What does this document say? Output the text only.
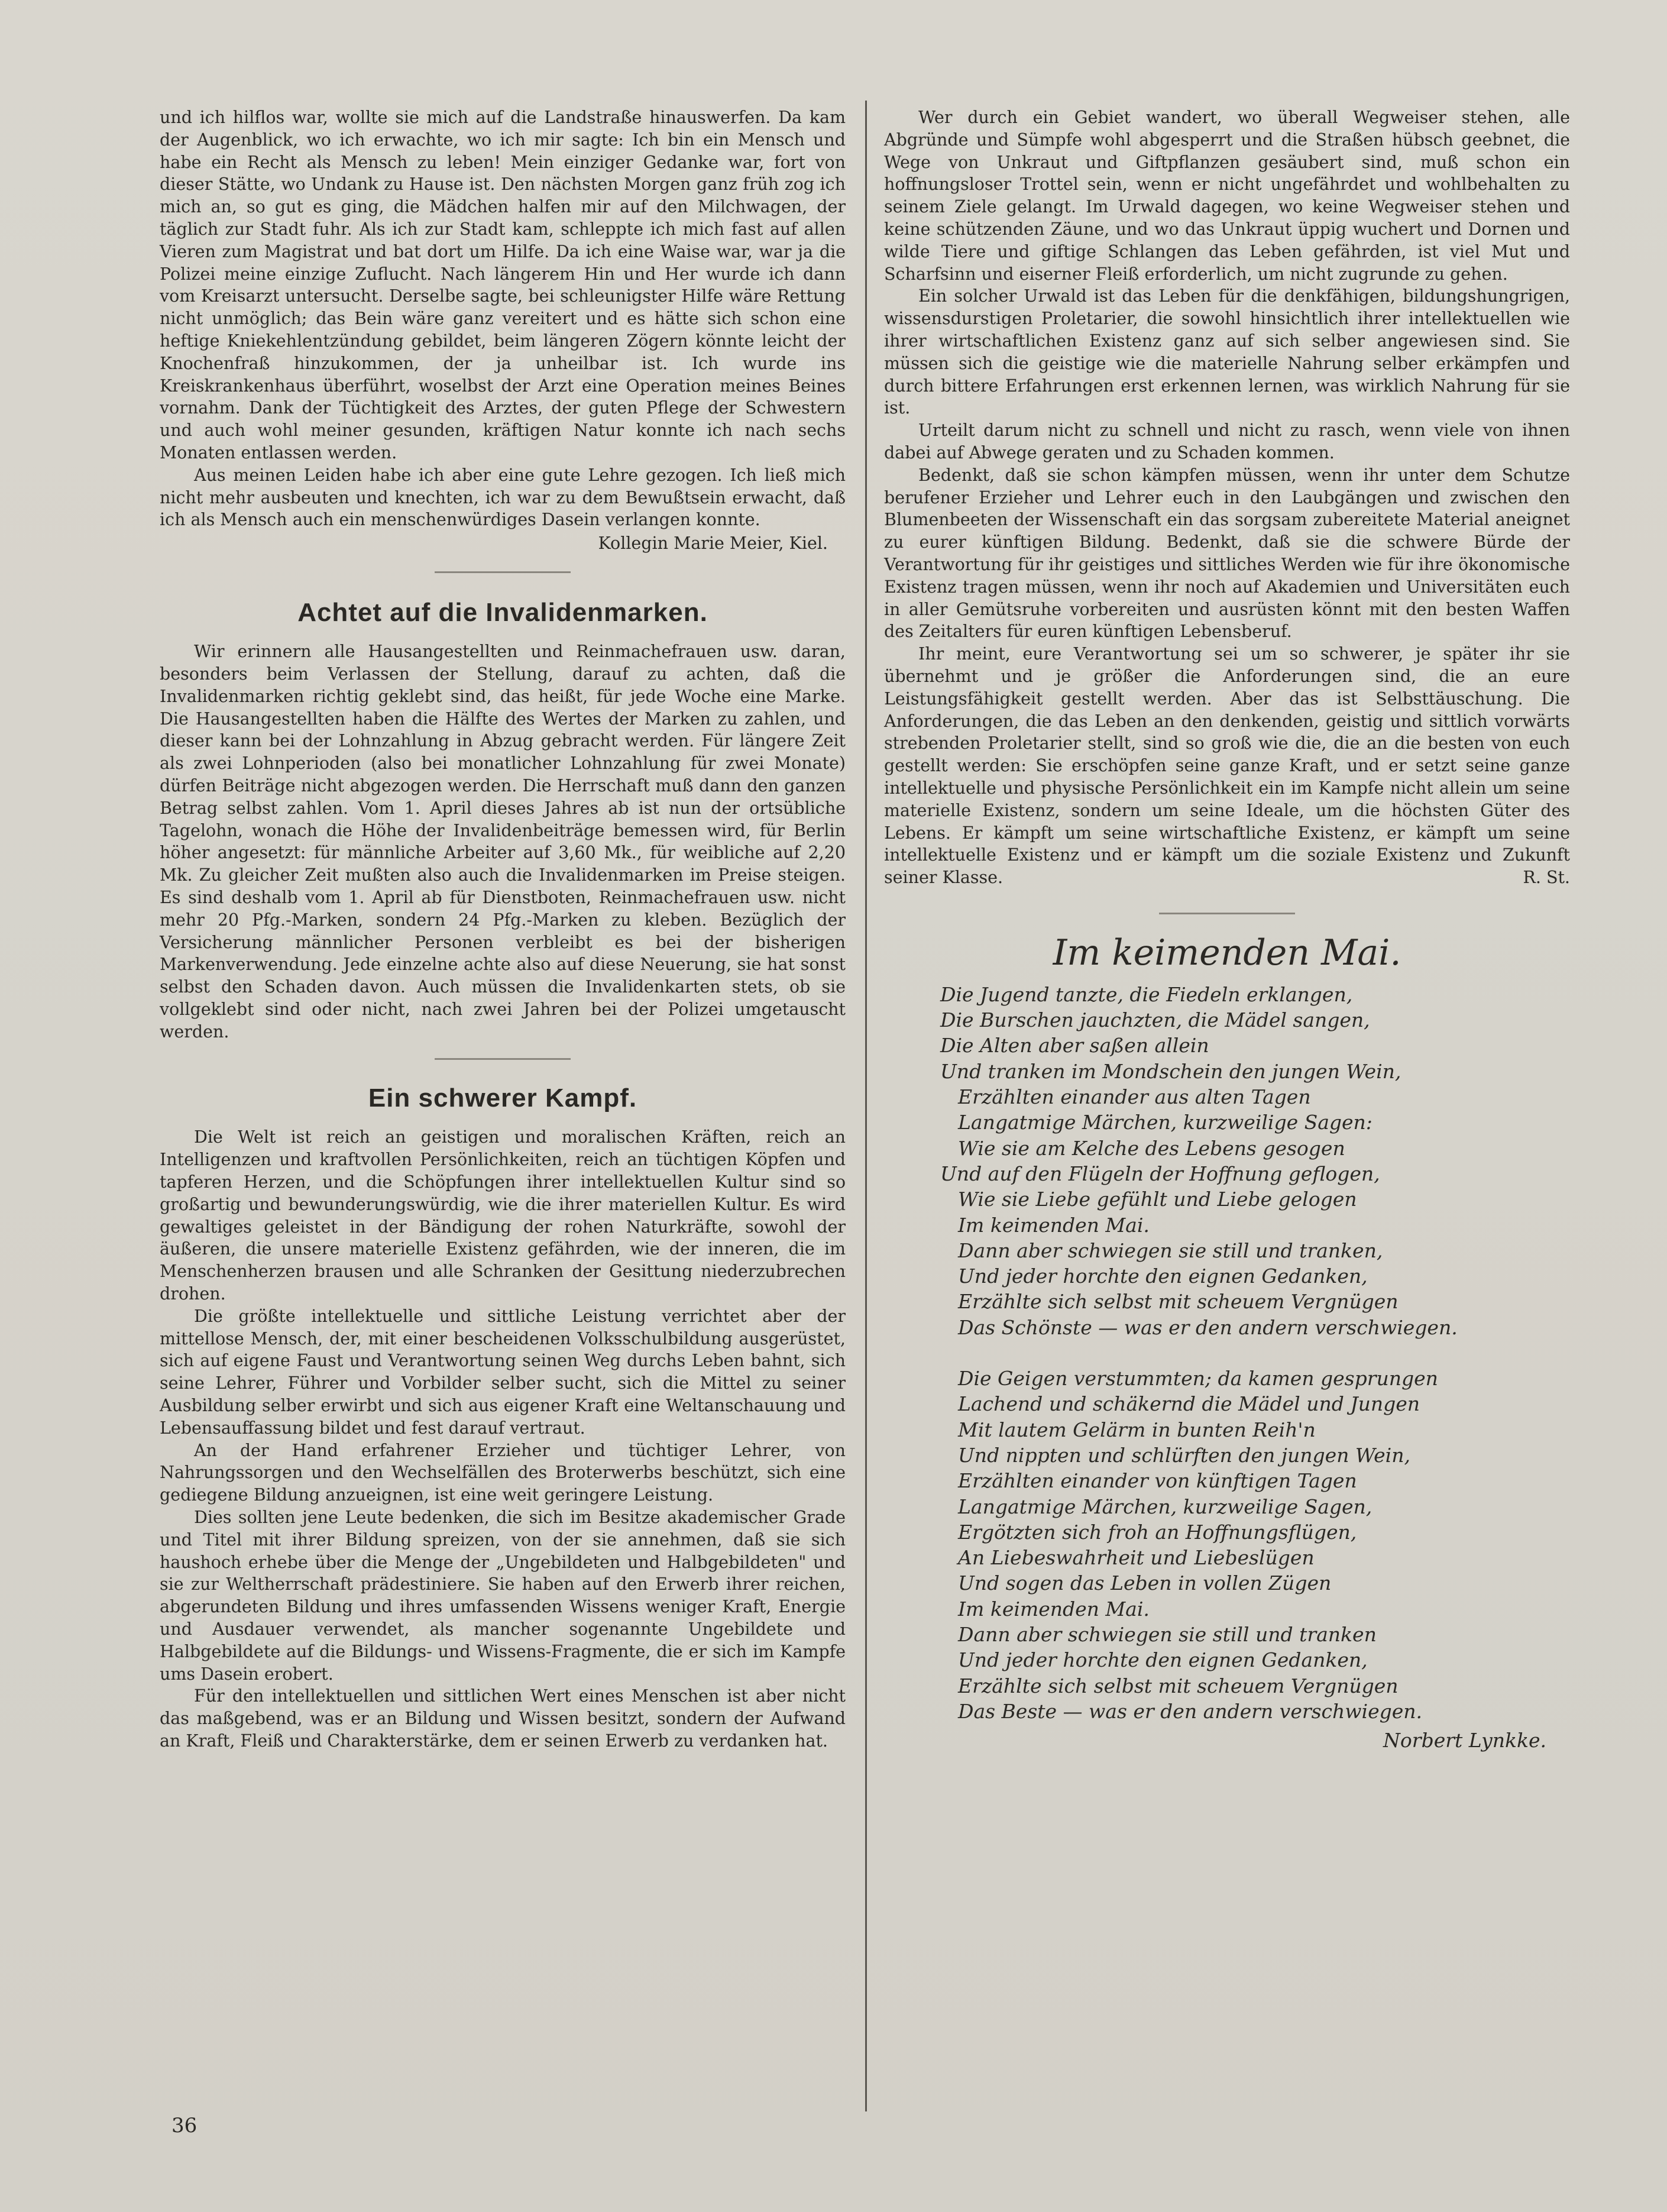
und ich hilflos war, wollte sie mich auf die Landstraße hinauswerfen. Da kam der Augenblick, wo ich erwachte, wo ich mir sagte: Ich bin ein Mensch und habe ein Recht als Mensch zu leben! Mein einziger Gedanke war, fort von dieser Stätte, wo Undank zu Hause ist. Den nächsten Morgen ganz früh zog ich mich an, so gut es ging, die Mädchen halfen mir auf den Milchwagen, der täglich zur Stadt fuhr. Als ich zur Stadt kam, schleppte ich mich fast auf allen Vieren zum Magistrat und bat dort um Hilfe. Da ich eine Waise war, war ja die Polizei meine einzige Zuflucht. Nach längerem Hin und Her wurde ich dann vom Kreisarzt untersucht. Derselbe sagte, bei schleunigster Hilfe wäre Rettung nicht unmöglich; das Bein wäre ganz vereitert und es hätte sich schon eine heftige Kniekehlentzündung gebildet, beim längeren Zögern könnte leicht der Knochenfraß hinzukommen, der ja unheilbar ist. Ich wurde ins Kreiskrankenhaus überführt, woselbst der Arzt eine Operation meines Beines vornahm. Dank der Tüchtigkeit des Arztes, der guten Pflege der Schwestern und auch wohl meiner gesunden, kräftigen Natur konnte ich nach sechs Monaten entlassen werden.

Aus meinen Leiden habe ich aber eine gute Lehre gezogen. Ich ließ mich nicht mehr ausbeuten und knechten, ich war zu dem Bewußtsein erwacht, daß ich als Mensch auch ein menschenwürdiges Dasein verlangen konnte.

Kollegin Marie Meier, Kiel.
Achtet auf die Invalidenmarken.

Wir erinnern alle Hausangestellten und Reinmachefrauen usw. daran, besonders beim Verlassen der Stellung, darauf zu achten, daß die Invalidenmarken richtig geklebt sind, das heißt, für jede Woche eine Marke. Die Hausangestellten haben die Hälfte des Wertes der Marken zu zahlen, und dieser kann bei der Lohnzahlung in Abzug gebracht werden. Für längere Zeit als zwei Lohnperioden (also bei monatlicher Lohnzahlung für zwei Monate) dürfen Beiträge nicht abgezogen werden. Die Herrschaft muß dann den ganzen Betrag selbst zahlen. Vom 1. April dieses Jahres ab ist nun der ortsübliche Tagelohn, wonach die Höhe der Invalidenbeiträge bemessen wird, für Berlin höher angesetzt: für männliche Arbeiter auf 3,60 Mk., für weibliche auf 2,20 Mk. Zu gleicher Zeit mußten also auch die Invalidenmarken im Preise steigen. Es sind deshalb vom 1. April ab für Dienstboten, Reinmachefrauen usw. nicht mehr 20 Pfg.-Marken, sondern 24 Pfg.-Marken zu kleben. Bezüglich der Versicherung männlicher Personen verbleibt es bei der bisherigen Markenverwendung. Jede einzelne achte also auf diese Neuerung, sie hat sonst selbst den Schaden davon. Auch müssen die Invalidenkarten stets, ob sie vollgeklebt sind oder nicht, nach zwei Jahren bei der Polizei umgetauscht werden.

Ein schwerer Kampf.

Die Welt ist reich an geistigen und moralischen Kräften, reich an Intelligenzen und kraftvollen Persönlichkeiten, reich an tüchtigen Köpfen und tapferen Herzen, und die Schöpfungen ihrer intellektuellen Kultur sind so großartig und bewunderungswürdig, wie die ihrer materiellen Kultur. Es wird gewaltiges geleistet in der Bändigung der rohen Naturkräfte, sowohl der äußeren, die unsere materielle Existenz gefährden, wie der inneren, die im Menschenherzen brausen und alle Schranken der Gesittung niederzubrechen drohen.

Die größte intellektuelle und sittliche Leistung verrichtet aber der mittellose Mensch, der, mit einer bescheidenen Volksschulbildung ausgerüstet, sich auf eigene Faust und Verantwortung seinen Weg durchs Leben bahnt, sich seine Lehrer, Führer und Vorbilder selber sucht, sich die Mittel zu seiner Ausbildung selber erwirbt und sich aus eigener Kraft eine Weltanschauung und Lebensauffassung bildet und fest darauf vertraut.

An der Hand erfahrener Erzieher und tüchtiger Lehrer, von Nahrungssorgen und den Wechselfällen des Broterwerbs beschützt, sich eine gediegene Bildung anzueignen, ist eine weit geringere Leistung.

Dies sollten jene Leute bedenken, die sich im Besitze akademischer Grade und Titel mit ihrer Bildung spreizen, von der sie annehmen, daß sie sich haushoch erhebe über die Menge der „Ungebildeten und Halbgebildeten" und sie zur Weltherrschaft prädestiniere. Sie haben auf den Erwerb ihrer reichen, abgerundeten Bildung und ihres umfassenden Wissens weniger Kraft, Energie und Ausdauer verwendet, als mancher sogenannte Ungebildete und Halbgebildete auf die Bildungs- und Wissens-Fragmente, die er sich im Kampfe ums Dasein erobert.

Für den intellektuellen und sittlichen Wert eines Menschen ist aber nicht das maßgebend, was er an Bildung und Wissen besitzt, sondern der Aufwand an Kraft, Fleiß und Charakterstärke, dem er seinen Erwerb zu verdanken hat.

Wer durch ein Gebiet wandert, wo überall Wegweiser stehen, alle Abgründe und Sümpfe wohl abgesperrt und die Straßen hübsch geebnet, die Wege von Unkraut und Giftpflanzen gesäubert sind, muß schon ein hoffnungsloser Trottel sein, wenn er nicht ungefährdet und wohlbehalten zu seinem Ziele gelangt. Im Urwald dagegen, wo keine Wegweiser stehen und keine schützenden Zäune, und wo das Unkraut üppig wuchert und Dornen und wilde Tiere und giftige Schlangen das Leben gefährden, ist viel Mut und Scharfsinn und eiserner Fleiß erforderlich, um nicht zugrunde zu gehen.

Ein solcher Urwald ist das Leben für die denkfähigen, bildungshungrigen, wissensdurstigen Proletarier, die sowohl hinsichtlich ihrer intellektuellen wie ihrer wirtschaftlichen Existenz ganz auf sich selber angewiesen sind. Sie müssen sich die geistige wie die materielle Nahrung selber erkämpfen und durch bittere Erfahrungen erst erkennen lernen, was wirklich Nahrung für sie ist.

Urteilt darum nicht zu schnell und nicht zu rasch, wenn viele von ihnen dabei auf Abwege geraten und zu Schaden kommen.

Bedenkt, daß sie schon kämpfen müssen, wenn ihr unter dem Schutze berufener Erzieher und Lehrer euch in den Laubgängen und zwischen den Blumenbeeten der Wissenschaft ein das sorgsam zubereitete Material aneignet zu eurer künftigen Bildung. Bedenkt, daß sie die schwere Bürde der Verantwortung für ihr geistiges und sittliches Werden wie für ihre ökonomische Existenz tragen müssen, wenn ihr noch auf Akademien und Universitäten euch in aller Gemütsruhe vorbereiten und ausrüsten könnt mit den besten Waffen des Zeitalters für euren künftigen Lebensberuf.

Ihr meint, eure Verantwortung sei um so schwerer, je später ihr sie übernehmt und je größer die Anforderungen sind, die an eure Leistungsfähigkeit gestellt werden. Aber das ist Selbsttäuschung. Die Anforderungen, die das Leben an den denkenden, geistig und sittlich vorwärts strebenden Proletarier stellt, sind so groß wie die, die an die besten von euch gestellt werden: Sie erschöpfen seine ganze Kraft, und er setzt seine ganze intellektuelle und physische Persönlichkeit ein im Kampfe nicht allein um seine materielle Existenz, sondern um seine Ideale, um die höchsten Güter des Lebens. Er kämpft um seine wirtschaftliche Existenz, er kämpft um seine intellektuelle Existenz und er kämpft um die soziale Existenz und Zukunft seiner Klasse.	R. St.
Im keimenden Mai.
Die Jugend tanzte, die Fiedeln erklangen,
Die Burschen jauchzten, die Mädel sangen,
Die Alten aber saßen allein
Und tranken im Mondschein den jungen Wein,
Erzählten einander aus alten Tagen
Langatmige Märchen, kurzweilige Sagen:
Wie sie am Kelche des Lebens gesogen
Und auf den Flügeln der Hoffnung geflogen,
Wie sie Liebe gefühlt und Liebe gelogen
Im keimenden Mai.
Dann aber schwiegen sie still und tranken,
Und jeder horchte den eignen Gedanken,
Erzählte sich selbst mit scheuem Vergnügen
Das Schönste — was er den andern verschwiegen.
Die Geigen verstummten; da kamen gesprungen
Lachend und schäkernd die Mädel und Jungen
Mit lautem Gelärm in bunten Reih'n
Und nippten und schlürften den jungen Wein,
Erzählten einander von künftigen Tagen
Langatmige Märchen, kurzweilige Sagen,
Ergötzten sich froh an Hoffnungsflügen,
An Liebeswahrheit und Liebeslügen
Und sogen das Leben in vollen Zügen
Im keimenden Mai.
Dann aber schwiegen sie still und tranken
Und jeder horchte den eignen Gedanken,
Erzählte sich selbst mit scheuem Vergnügen
Das Beste — was er den andern verschwiegen.
Norbert Lynkke.
36
